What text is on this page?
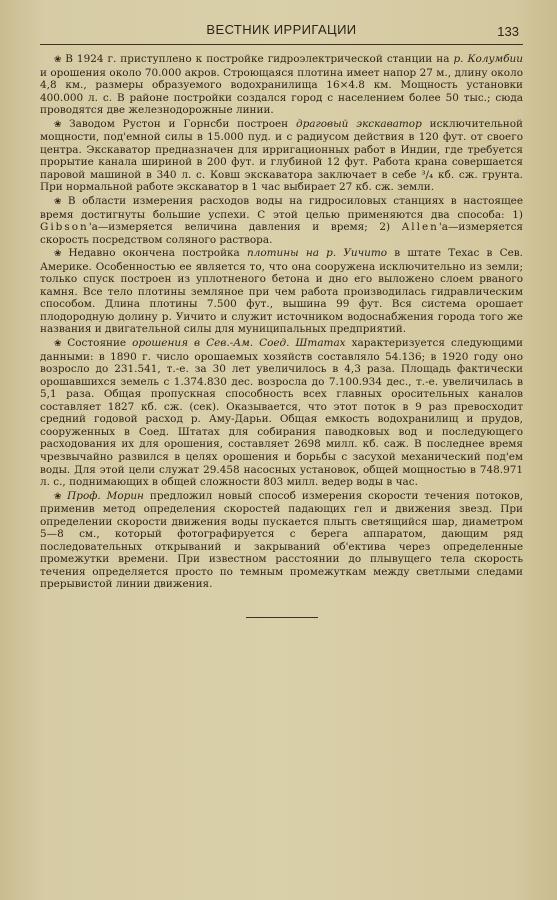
ВЕСТНИК ИРРИГАЦИИ	133

❀ В 1924 г. приступлено к постройке гидроэлектрической станции на р. Колумбии и орошения около 70.000 акров. Строющаяся плотина имеет напор 27 м., длину около 4,8 км., размеры образуемого водохранилища 16×4.8 км. Мощность установки 400.000 л. с. В районе постройки создался город с населением более 50 тыс.; сюда проводятся две железнодорожные линии.

❀ Заводом Рустон и Горнсби построен драговый экскаватор исключительной мощности, под'емной силы в 15.000 пуд. и с радиусом действия в 120 фут. от своего центра. Экскаватор предназначен для ирригационных работ в Индии, где требуется прорытие канала шириной в 200 фут. и глубиной 12 фут. Работа крана совершается паровой машиной в 340 л. с. Ковш экскаватора заключает в себе ³/₄ кб. сж. грунта. При нормальной работе экскаватор в 1 час выбирает 27 кб. сж. земли.

❀ В области измерения расходов воды на гидросиловых станциях в настоящее время достигнуты большие успехи. С этой целью применяются два способа: 1) Gibson'а—измеряется величина давления и время; 2) Allen'а—измеряется скорость посредством соляного раствора.

❀ Недавно окончена постройка плотины на р. Уичито в штате Техас в Сев. Америке. Особенностью ее является то, что она сооружена исключительно из земли; только спуск построен из уплотненого бетона и дно его выложено слоем рваного камня. Все тело плотины земляное при чем работа производилась гидравлическим способом. Длина плотины 7.500 фут., вышина 99 фут. Вся система орошает плодородную долину р. Уичито и служит источником водоснабжения города того же названия и двигательной силы для муниципальных предприятий.

❀ Состояние орошения в Сев.-Ам. Соед. Штатах характеризуется следующими данными: в 1890 г. число орошаемых хозяйств составляло 54.136; в 1920 году оно возросло до 231.541, т.-е. за 30 лет увеличилось в 4,3 раза. Площадь фактически орошавшихся земель с 1.374.830 дес. возросла до 7.100.934 дес., т.-е. увеличилась в 5,1 раза. Общая пропускная способность всех главных оросительных каналов составляет 1827 кб. сж. (сек). Оказывается, что этот поток в 9 раз превосходит средний годовой расход р. Аму-Дарьи. Общая емкость водохранилищ и прудов, сооруженных в Соед. Штатах для собирания паводковых вод и последующего расходования их для орошения, составляет 2698 милл. кб. саж. В последнее время чрезвычайно развился в целях орошения и борьбы с засухой механический под'ем воды. Для этой цели служат 29.458 насосных установок, общей мощностью в 748.971 л. с., поднимающих в общей сложности 803 милл. ведер воды в час.

❀ Проф. Морин предложил новый способ измерения скорости течения потоков, применив метод определения скоростей падающих гел и движения звезд. При определении скорости движения воды пускается плыть светящийся шар, диаметром 5—8 см., который фотографируется с берега аппаратом, дающим ряд последовательных открываний и закрываний об'ектива через определенные промежутки времени. При известном расстоянии до плывущего тела скорость течения определяется просто по темным промежуткам между светлыми следами прерывистой линии движения.
